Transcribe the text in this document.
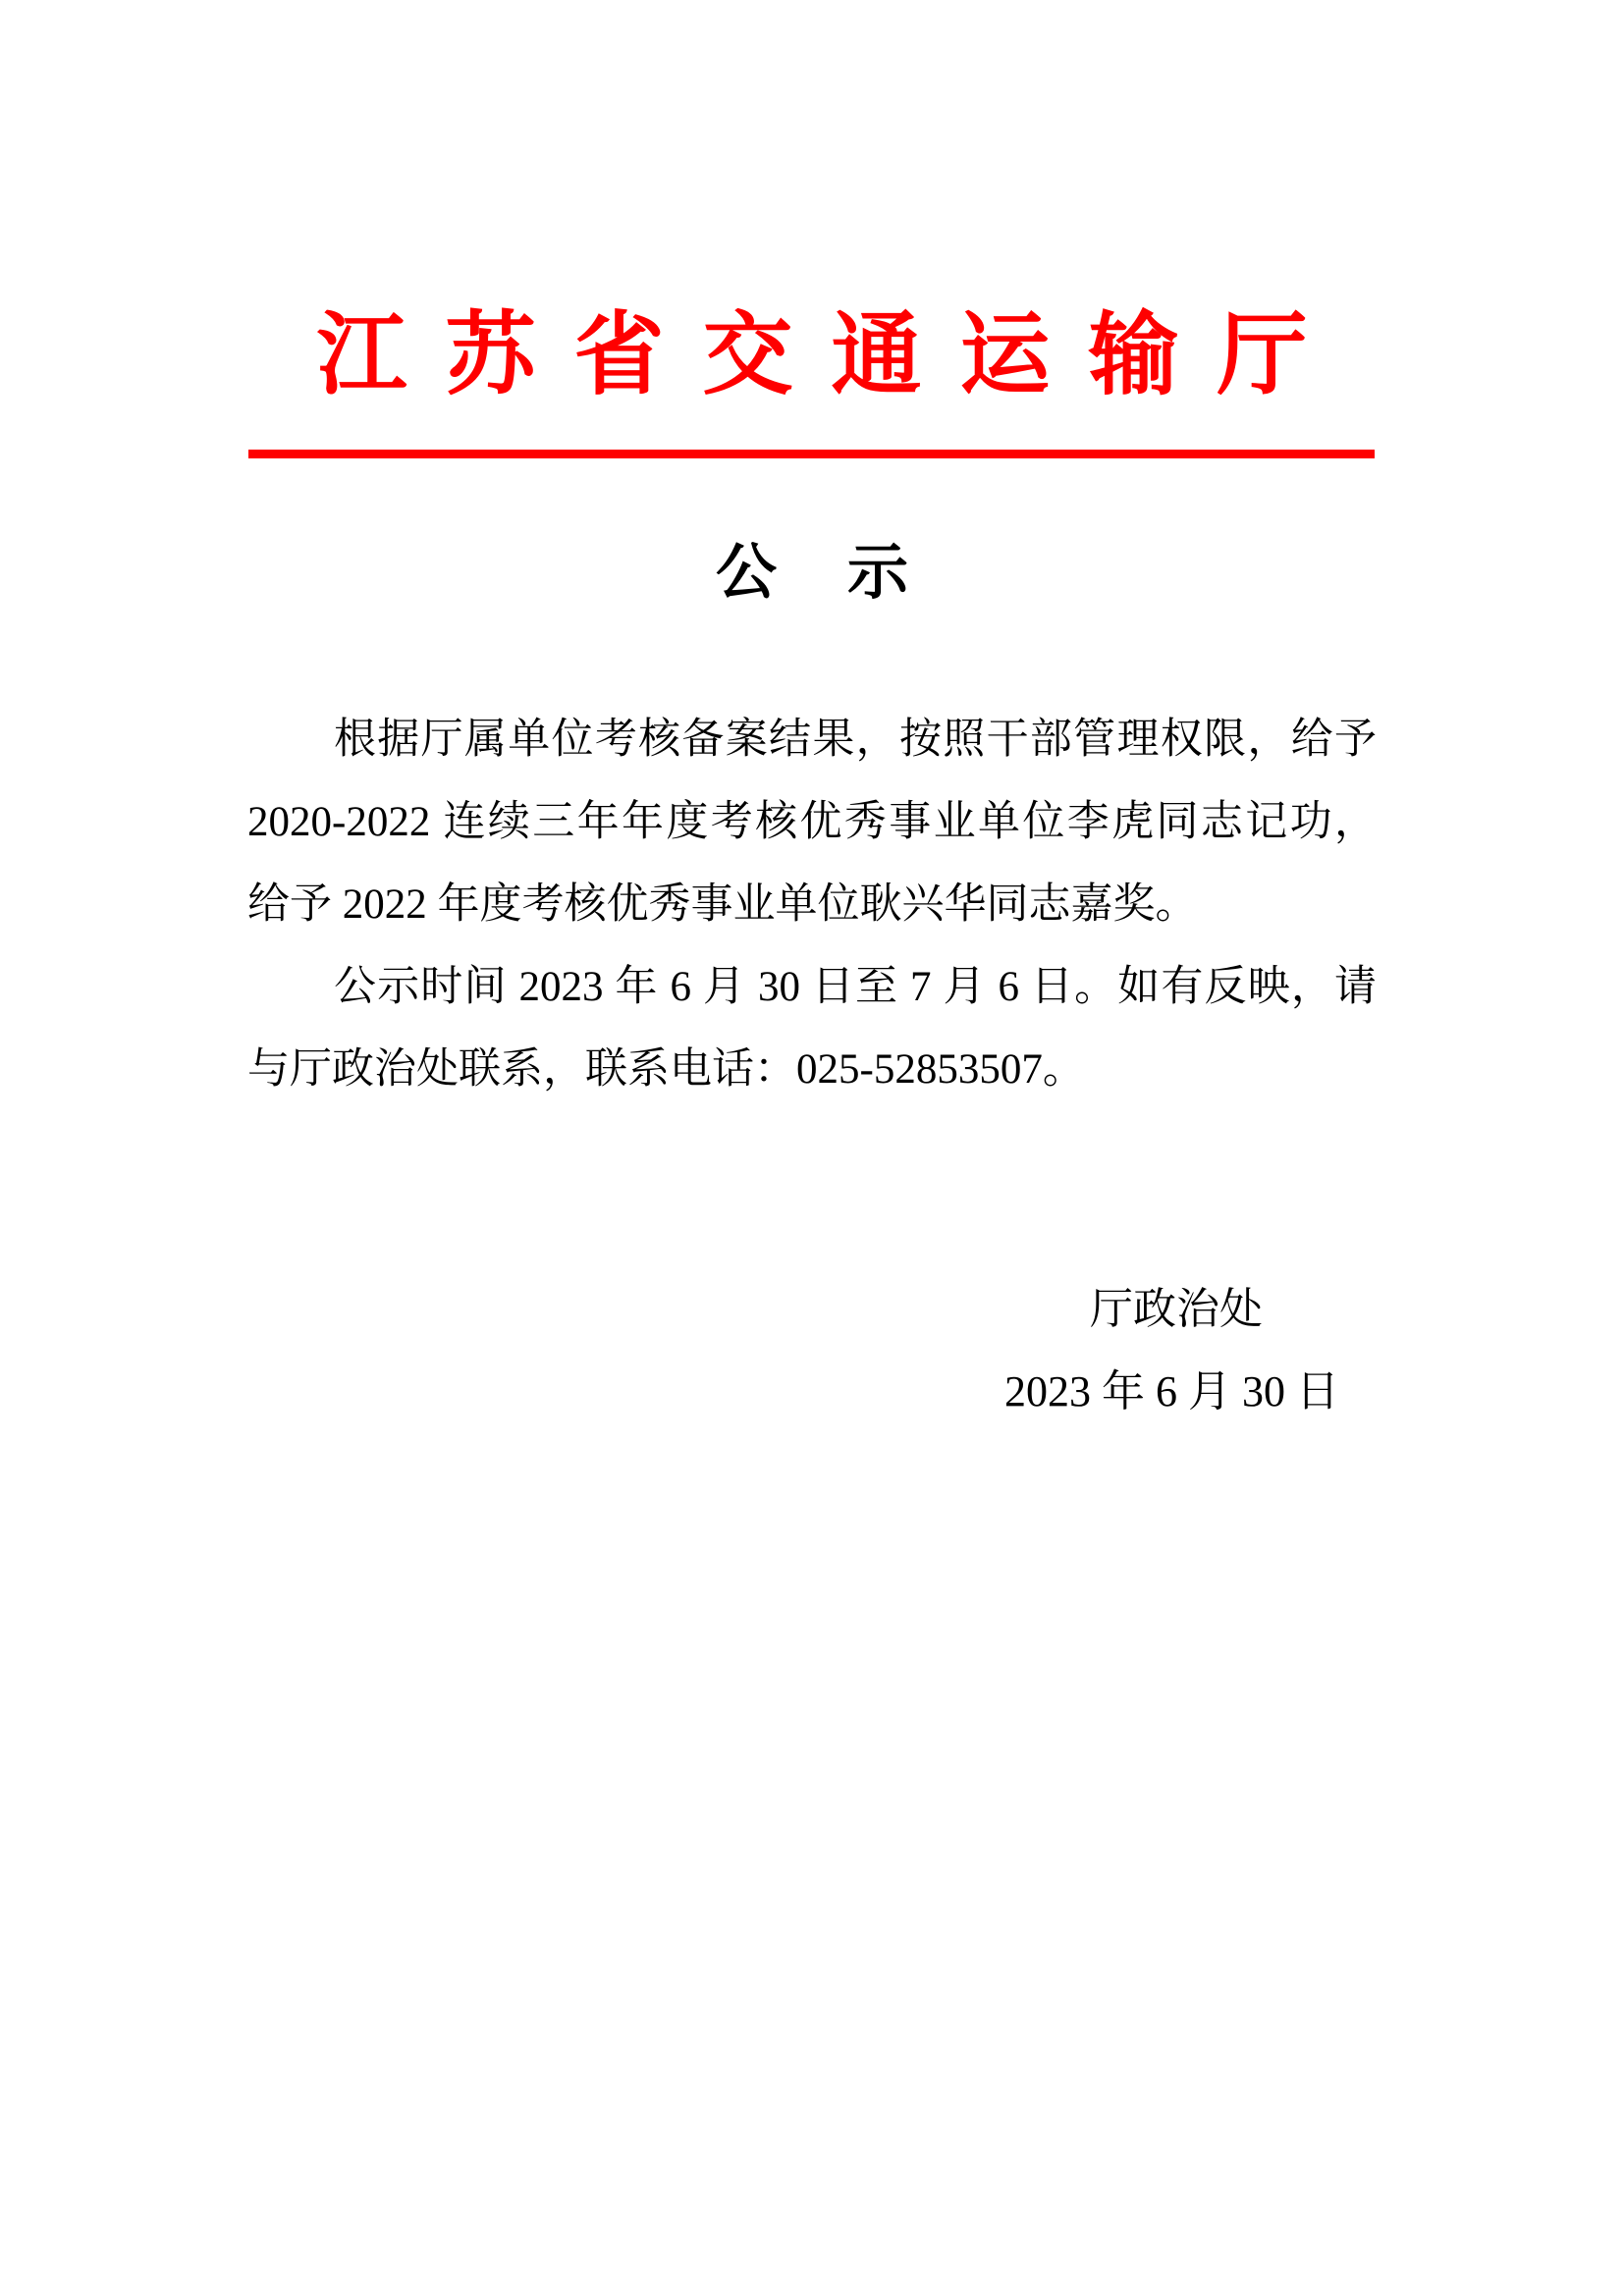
江苏省交通运输厅
公示
根据厅属单位考核备案结果，按照干部管理权限，给予
2020-2022 连续三年年度考核优秀事业单位李虎同志记功，
给予 2022 年度考核优秀事业单位耿兴华同志嘉奖。
公示时间 2023 年 6 月 30 日至 7 月 6 日。如有反映，请
与厅政治处联系，联系电话：025-52853507。
厅政治处
2023 年 6 月 30 日
